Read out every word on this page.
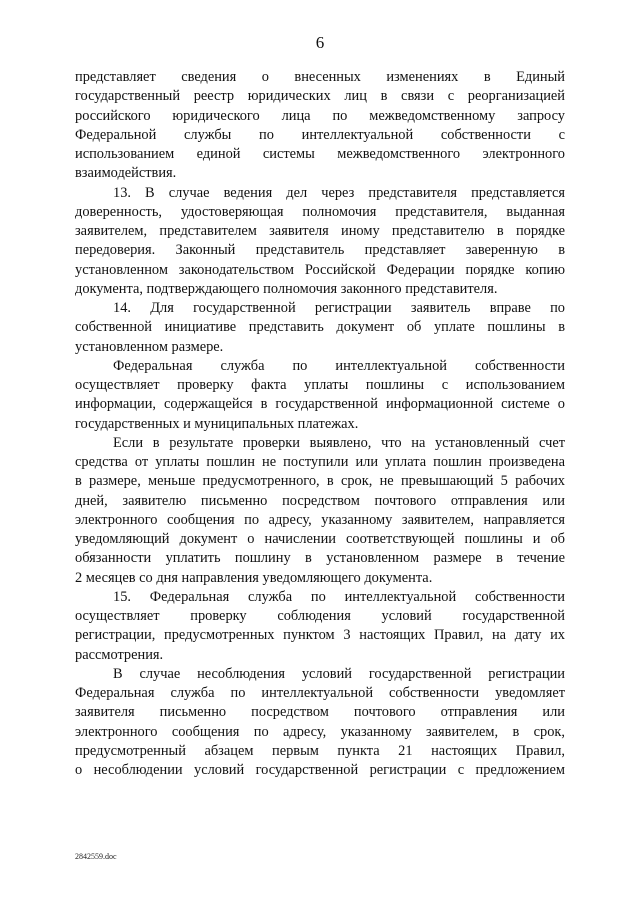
6
представляет сведения о внесенных изменениях в Единый
государственный реестр юридических лиц в связи с реорганизацией
российского юридического лица по межведомственному запросу
Федеральной службы по интеллектуальной собственности с
использованием единой системы межведомственного электронного
взаимодействия.
13. В случае ведения дел через представителя представляется
доверенность, удостоверяющая полномочия представителя, выданная
заявителем, представителем заявителя иному представителю в порядке
передоверия. Законный представитель представляет заверенную в
установленном законодательством Российской Федерации порядке копию
документа, подтверждающего полномочия законного представителя.
14. Для государственной регистрации заявитель вправе по
собственной инициативе представить документ об уплате пошлины в
установленном размере.
Федеральная служба по интеллектуальной собственности
осуществляет проверку факта уплаты пошлины с использованием
информации, содержащейся в государственной информационной системе о
государственных и муниципальных платежах.
Если в результате проверки выявлено, что на установленный счет
средства от уплаты пошлин не поступили или уплата пошлин произведена
в размере, меньше предусмотренного, в срок, не превышающий 5 рабочих
дней, заявителю письменно посредством почтового отправления или
электронного сообщения по адресу, указанному заявителем, направляется
уведомляющий документ о начислении соответствующей пошлины и об
обязанности уплатить пошлину в установленном размере в течение
2 месяцев со дня направления уведомляющего документа.
15. Федеральная служба по интеллектуальной собственности
осуществляет проверку соблюдения условий государственной
регистрации, предусмотренных пунктом 3 настоящих Правил, на дату их
рассмотрения.
В случае несоблюдения условий государственной регистрации
Федеральная служба по интеллектуальной собственности уведомляет
заявителя письменно посредством почтового отправления или
электронного сообщения по адресу, указанному заявителем, в срок,
предусмотренный абзацем первым пункта 21 настоящих Правил,
о несоблюдении условий государственной регистрации с предложением
2842559.doc
